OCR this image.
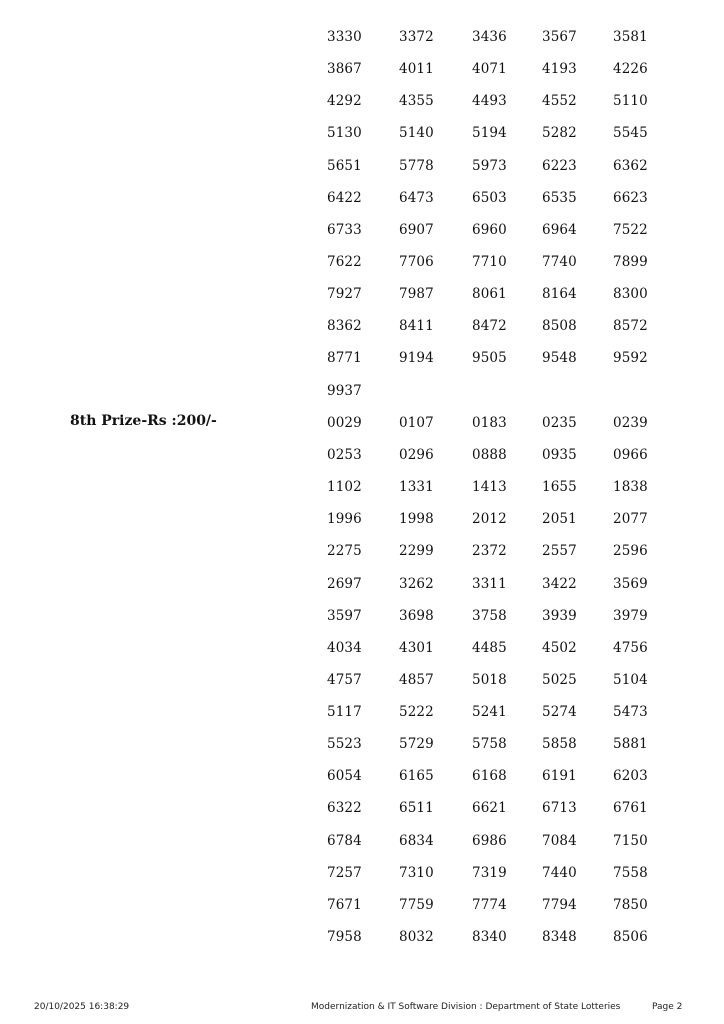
3330	3372	3436	3567	3581
3867	4011	4071	4193	4226
4292	4355	4493	4552	5110
5130	5140	5194	5282	5545
5651	5778	5973	6223	6362
6422	6473	6503	6535	6623
6733	6907	6960	6964	7522
7622	7706	7710	7740	7899
7927	7987	8061	8164	8300
8362	8411	8472	8508	8572
8771	9194	9505	9548	9592
9937
8th Prize-Rs :200/-	0029	0107	0183	0235	0239
0253	0296	0888	0935	0966
1102	1331	1413	1655	1838
1996	1998	2012	2051	2077
2275	2299	2372	2557	2596
2697	3262	3311	3422	3569
3597	3698	3758	3939	3979
4034	4301	4485	4502	4756
4757	4857	5018	5025	5104
5117	5222	5241	5274	5473
5523	5729	5758	5858	5881
6054	6165	6168	6191	6203
6322	6511	6621	6713	6761
6784	6834	6986	7084	7150
7257	7310	7319	7440	7558
7671	7759	7774	7794	7850
7958	8032	8340	8348	8506
20/10/2025 16:38:29	Modernization & IT Software Division : Department of State Lotteries	Page 2
